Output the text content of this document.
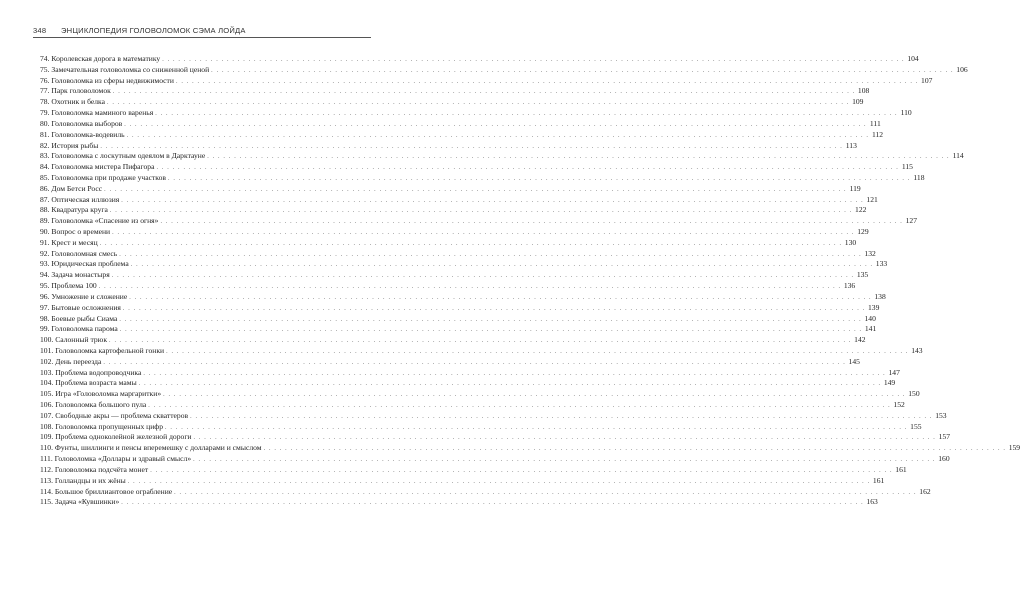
348 ЭНЦИКЛОПЕДИЯ ГОЛОВОЛОМОК СЭМА ЛОЙДА
74. Королевская дорога в математику . . .	104
75. Замечательная головоломка со сниженной ценой . . .	106
76. Головоломка из сферы недвижимости . . .	107
77. Парк головоломок . . .	108
78. Охотник и белка . . .	109
79. Головоломка маминого варенья . . .	110
80. Головоломка выборов . . .	111
81. Головоломка-водевиль . . .	112
82. История рыбы . . .	113
83. Головоломка с лоскутным одеялом в Дарктауне . . .	114
84. Головоломка мистера Пифагора . . .	115
85. Головоломка при продаже участков . . .	118
86. Дом Бетси Росс . . .	119
87. Оптическая иллюзия . . .	121
88. Квадратура круга . . .	122
89. Головоломка «Спасение из огня» . . .	127
90. Вопрос о времени . . .	129
91. Крест и месяц . . .	130
92. Головоломная смесь . . .	132
93. Юридическая проблема . . .	133
94. Задача монастыря . . .	135
95. Проблема 100 . . .	136
96. Умножение и сложение . . .	138
97. Бытовые осложнения . . .	139
98. Боевые рыбы Сиама . . .	140
99. Головоломка парома . . .	141
100. Салонный трюк . . .	142
101. Головоломка картофельной гонки . . .	143
102. День переезда . . .	145
103. Проблема водопроводчика . . .	147
104. Проблема возраста мамы . . .	149
105. Игра «Головоломка маргаритки» . . .	150
106. Головоломка большого пула . . .	152
107. Свободные акры — проблема скваттеров . . .	153
108. Головоломка пропущенных цифр . . .	155
109. Проблема одноколейной железной дороги . . .	157
110. Фунты, шиллинги и пенсы вперемешку с долларами и смыслом . . .	159
111. Головоломка «Доллары и здравый смысл» . . .	160
112. Головоломка подсчёта монет . . .	161
113. Голландцы и их жёны . . .	161
114. Большое бриллиантовое ограбление . . .	162
115. Задача «Кувшинки» . . .	163
